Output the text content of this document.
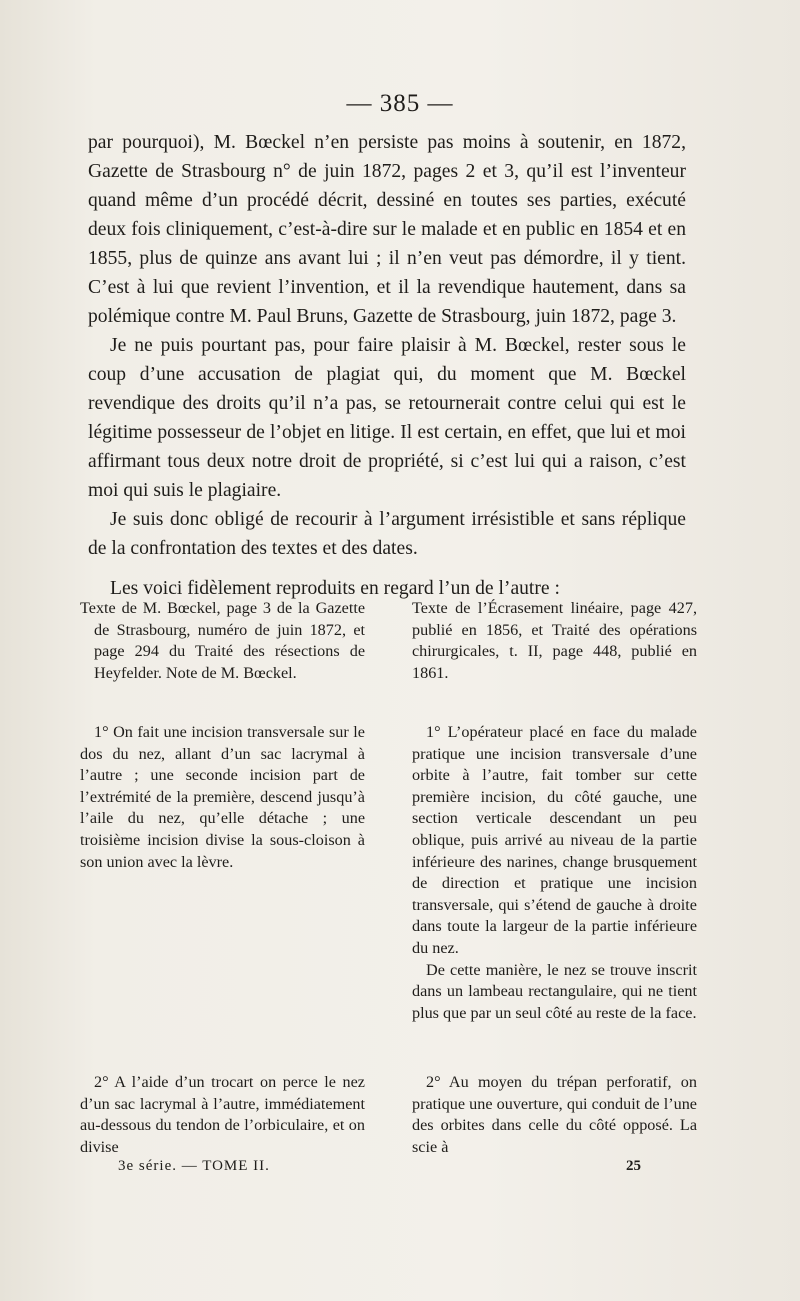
— 385 —

par pourquoi), M. Bœckel n’en persiste pas moins à soutenir, en 1872, Gazette de Strasbourg n° de juin 1872, pages 2 et 3, qu’il est l’inventeur quand même d’un procédé décrit, dessiné en toutes ses parties, exécuté deux fois cliniquement, c’est-à-dire sur le malade et en public en 1854 et en 1855, plus de quinze ans avant lui ; il n’en veut pas démordre, il y tient. C’est à lui que revient l’invention, et il la revendique hautement, dans sa polémique contre M. Paul Bruns, Gazette de Strasbourg, juin 1872, page 3.

Je ne puis pourtant pas, pour faire plaisir à M. Bœckel, rester sous le coup d’une accusation de plagiat qui, du moment que M. Bœckel revendique des droits qu’il n’a pas, se retournerait contre celui qui est le légitime possesseur de l’objet en litige. Il est certain, en effet, que lui et moi affirmant tous deux notre droit de propriété, si c’est lui qui a raison, c’est moi qui suis le plagiaire.

Je suis donc obligé de recourir à l’argument irrésistible et sans réplique de la confrontation des textes et des dates.

Les voici fidèlement reproduits en regard l’un de l’autre :

Texte de M. Bœckel, page 3 de la Gazette de Strasbourg, numéro de juin 1872, et page 294 du Traité des résections de Heyfelder. Note de M. Bœckel.

Texte de l’Écrasement linéaire, page 427, publié en 1856, et Traité des opérations chirurgicales, t. II, page 448, publié en 1861.

1° On fait une incision transversale sur le dos du nez, allant d’un sac lacrymal à l’autre ; une seconde incision part de l’extrémité de la première, descend jusqu’à l’aile du nez, qu’elle détache ; une troisième incision divise la sous-cloison à son union avec la lèvre.

1° L’opérateur placé en face du malade pratique une incision transversale d’une orbite à l’autre, fait tomber sur cette première incision, du côté gauche, une section verticale descendant un peu oblique, puis arrivé au niveau de la partie inférieure des narines, change brusquement de direction et pratique une incision transversale, qui s’étend de gauche à droite dans toute la largeur de la partie inférieure du nez.

De cette manière, le nez se trouve inscrit dans un lambeau rectangulaire, qui ne tient plus que par un seul côté au reste de la face.

2° A l’aide d’un trocart on perce le nez d’un sac lacrymal à l’autre, immédiatement au-dessous du tendon de l’orbiculaire, et on divise

2° Au moyen du trépan perforatif, on pratique une ouverture, qui conduit de l’une des orbites dans celle du côté opposé. La scie à

3e série. — TOME II.	25
